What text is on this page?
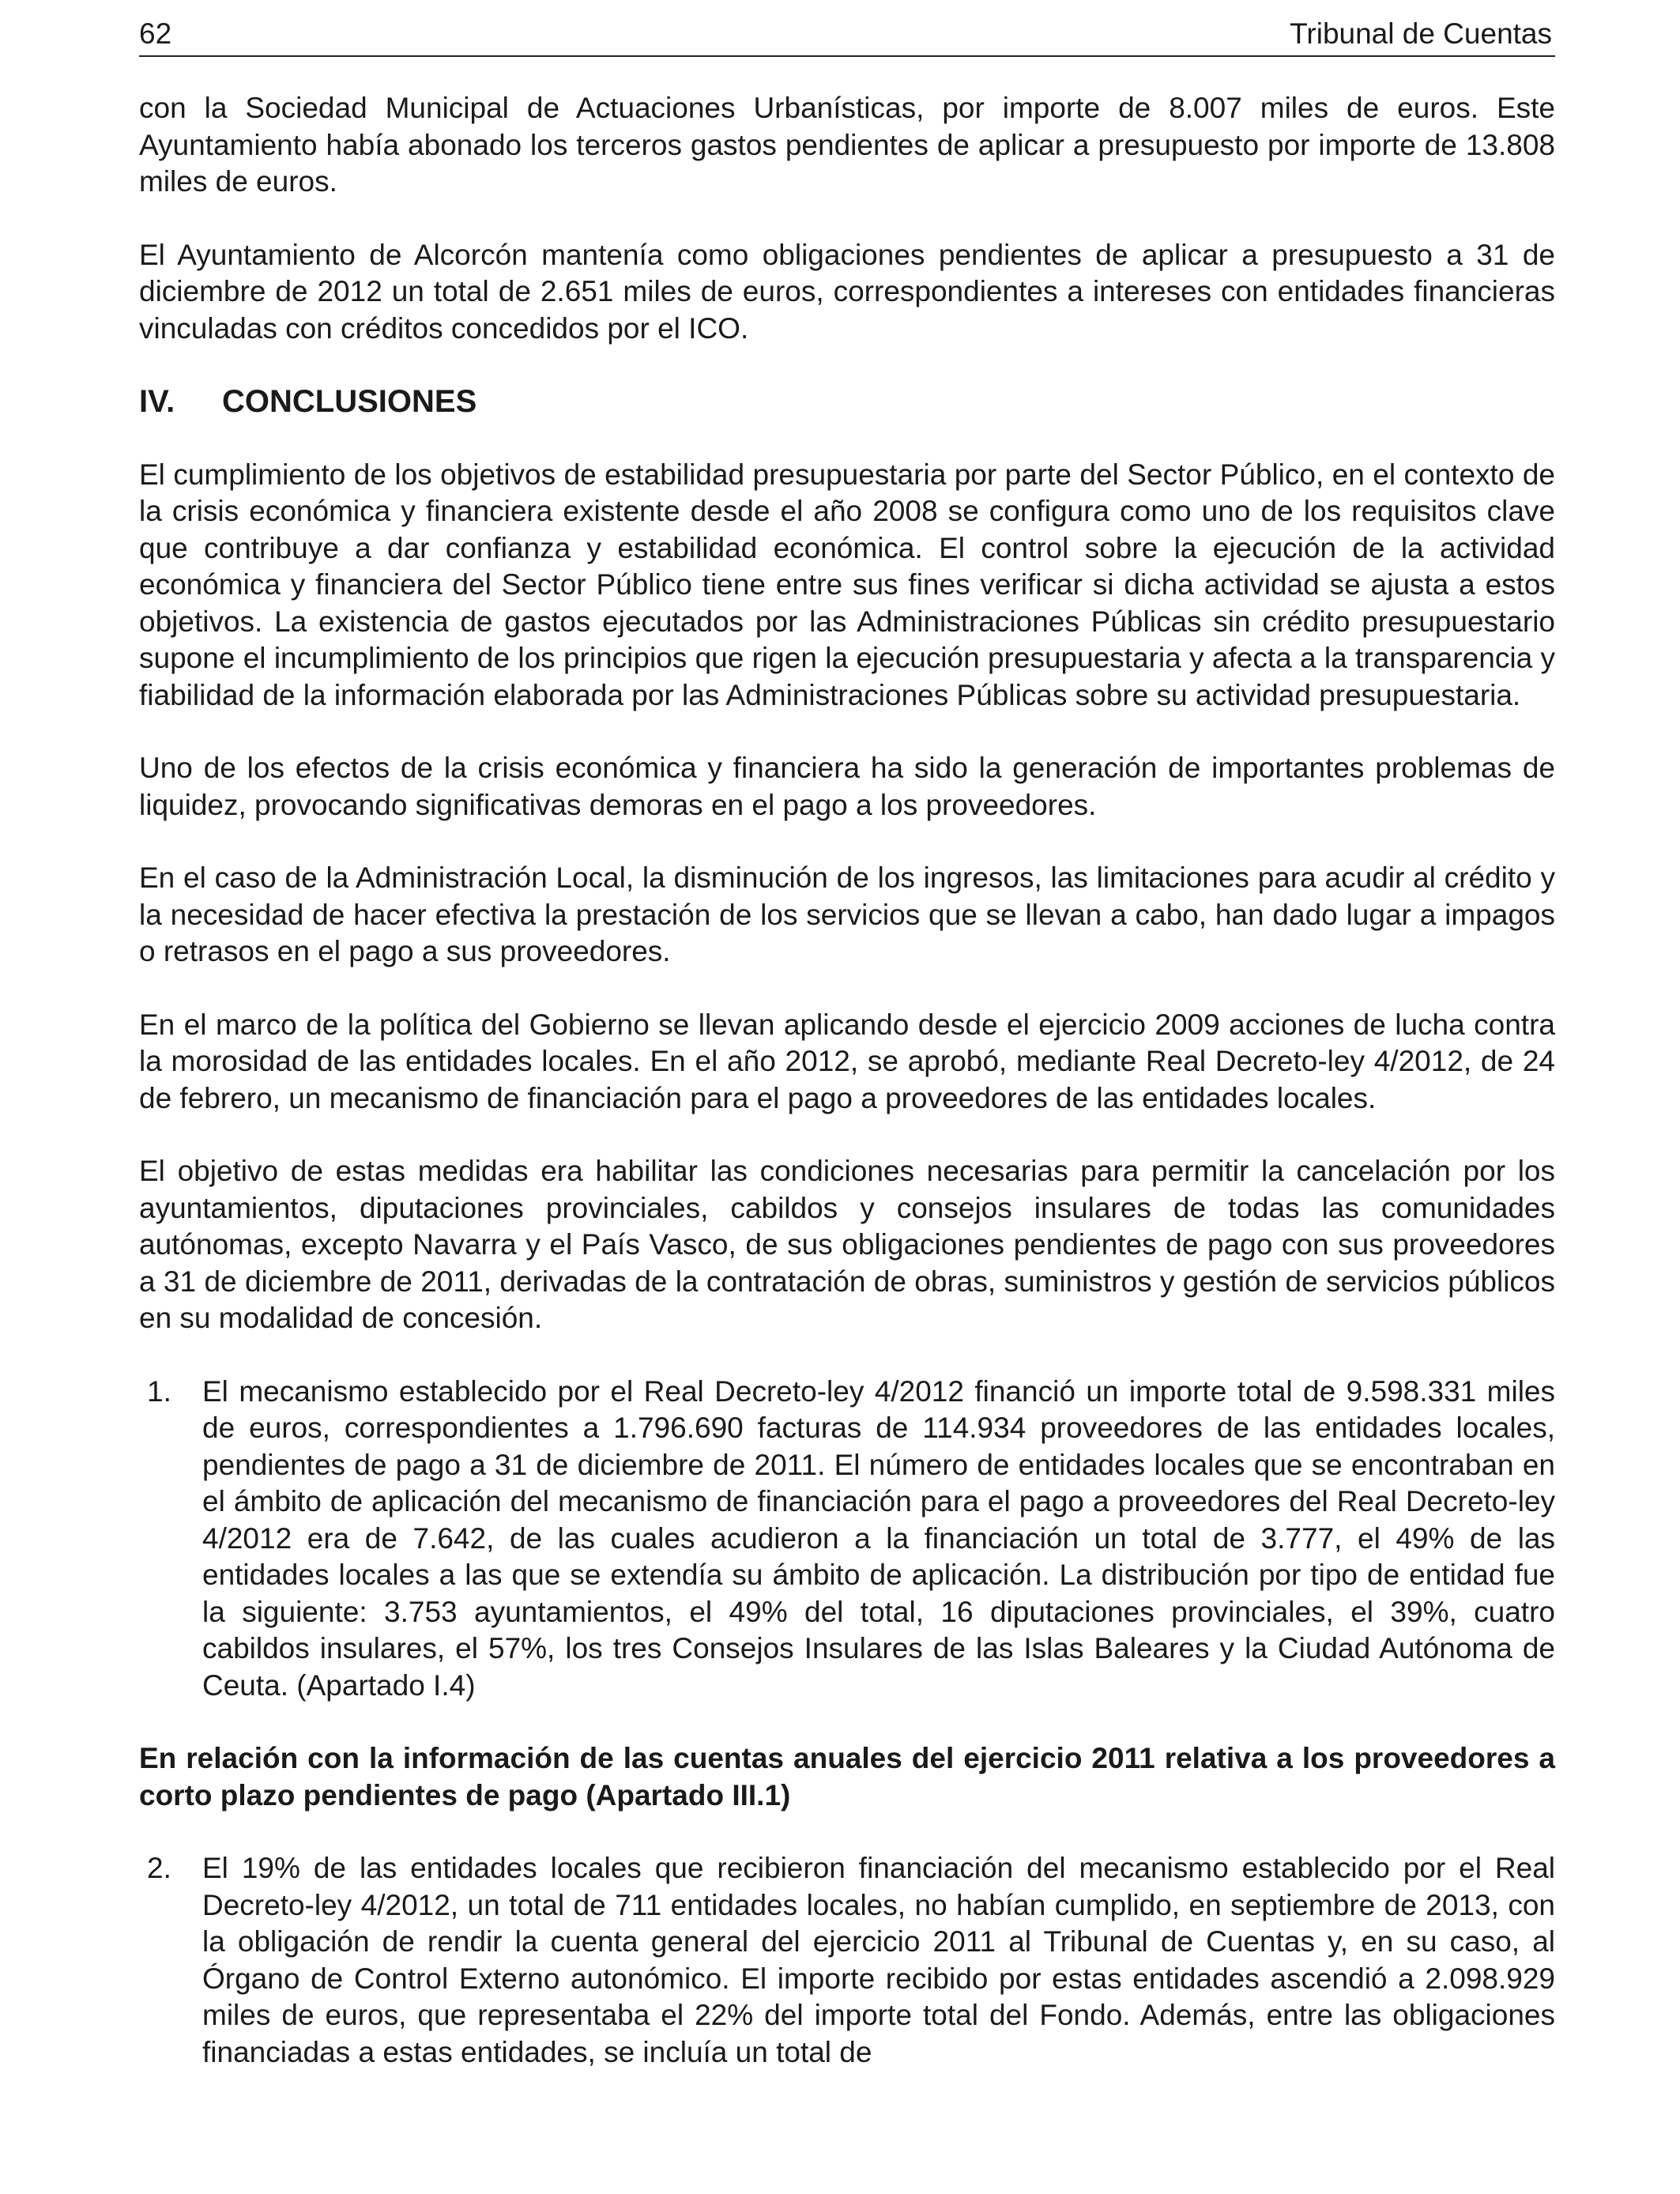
62	Tribunal de Cuentas

con la Sociedad Municipal de Actuaciones Urbanísticas, por importe de 8.007 miles de euros. Este Ayuntamiento había abonado los terceros gastos pendientes de aplicar a presupuesto por importe de 13.808 miles de euros.

El Ayuntamiento de Alcorcón mantenía como obligaciones pendientes de aplicar a presupuesto a 31 de diciembre de 2012 un total de 2.651 miles de euros, correspondientes a intereses con entidades financieras vinculadas con créditos concedidos por el ICO.

IV. CONCLUSIONES

El cumplimiento de los objetivos de estabilidad presupuestaria por parte del Sector Público, en el contexto de la crisis económica y financiera existente desde el año 2008 se configura como uno de los requisitos clave que contribuye a dar confianza y estabilidad económica. El control sobre la ejecución de la actividad económica y financiera del Sector Público tiene entre sus fines verificar si dicha actividad se ajusta a estos objetivos. La existencia de gastos ejecutados por las Administraciones Públicas sin crédito presupuestario supone el incumplimiento de los principios que rigen la ejecución presupuestaria y afecta a la transparencia y fiabilidad de la información elaborada por las Administraciones Públicas sobre su actividad presupuestaria.

Uno de los efectos de la crisis económica y financiera ha sido la generación de importantes problemas de liquidez, provocando significativas demoras en el pago a los proveedores.

En el caso de la Administración Local, la disminución de los ingresos, las limitaciones para acudir al crédito y la necesidad de hacer efectiva la prestación de los servicios que se llevan a cabo, han dado lugar a impagos o retrasos en el pago a sus proveedores.

En el marco de la política del Gobierno se llevan aplicando desde el ejercicio 2009 acciones de lucha contra la morosidad de las entidades locales. En el año 2012, se aprobó, mediante Real Decreto-ley 4/2012, de 24 de febrero, un mecanismo de financiación para el pago a proveedores de las entidades locales.

El objetivo de estas medidas era habilitar las condiciones necesarias para permitir la cancelación por los ayuntamientos, diputaciones provinciales, cabildos y consejos insulares de todas las comunidades autónomas, excepto Navarra y el País Vasco, de sus obligaciones pendientes de pago con sus proveedores a 31 de diciembre de 2011, derivadas de la contratación de obras, suministros y gestión de servicios públicos en su modalidad de concesión.

1. El mecanismo establecido por el Real Decreto-ley 4/2012 financió un importe total de 9.598.331 miles de euros, correspondientes a 1.796.690 facturas de 114.934 proveedores de las entidades locales, pendientes de pago a 31 de diciembre de 2011. El número de entidades locales que se encontraban en el ámbito de aplicación del mecanismo de financiación para el pago a proveedores del Real Decreto-ley 4/2012 era de 7.642, de las cuales acudieron a la financiación un total de 3.777, el 49% de las entidades locales a las que se extendía su ámbito de aplicación. La distribución por tipo de entidad fue la siguiente: 3.753 ayuntamientos, el 49% del total, 16 diputaciones provinciales, el 39%, cuatro cabildos insulares, el 57%, los tres Consejos Insulares de las Islas Baleares y la Ciudad Autónoma de Ceuta. (Apartado I.4)

En relación con la información de las cuentas anuales del ejercicio 2011 relativa a los proveedores a corto plazo pendientes de pago (Apartado III.1)

2. El 19% de las entidades locales que recibieron financiación del mecanismo establecido por el Real Decreto-ley 4/2012, un total de 711 entidades locales, no habían cumplido, en septiembre de 2013, con la obligación de rendir la cuenta general del ejercicio 2011 al Tribunal de Cuentas y, en su caso, al Órgano de Control Externo autonómico. El importe recibido por estas entidades ascendió a 2.098.929 miles de euros, que representaba el 22% del importe total del Fondo. Además, entre las obligaciones financiadas a estas entidades, se incluía un total de
